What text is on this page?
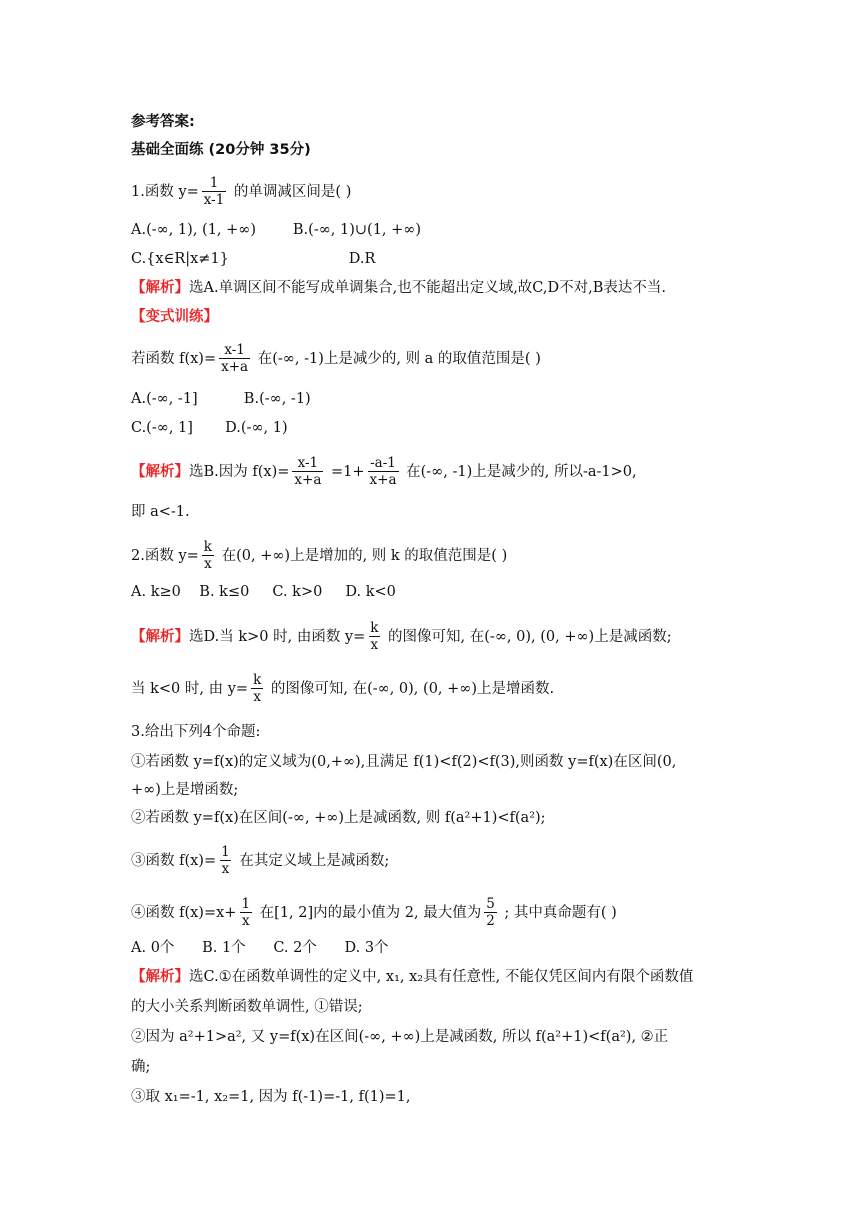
参考答案:
基础全面练 (20分钟 35分)
1.函数 $y= \frac{1}{x-1}$ 的单调减区间是( )
A.(-∞, 1), (1, +∞)        B.(-∞, 1)∪(1, +∞)
C.{x∈R|x≠1}                          D.R
【解析】选A.单调区间不能写成单调集合,也不能超出定义域,故C,D不对,B表达不当.
【变式训练】
若函数 $f(x)= \frac{x-1}{x+a}$ 在(-∞, -1)上是减少的, 则 a 的取值范围是( )
A.(-∞, -1]          B.(-∞, -1)
C.(-∞, 1]       D.(-∞, 1)
【解析】选B.因为 $f(x)= \frac{x-1}{x+a} =1+ \frac{-a-1}{x+a}$ 在(-∞, -1)上是减少的, 所以-a-1>0,
即 a<-1.
2.函数 $y= \frac{k}{x}$ 在(0, +∞)上是增加的, 则 k 的取值范围是( )
A. k≥0    B. k≤0     C. k>0     D. k<0
【解析】选D.当 k>0 时, 由函数 $y= \frac{k}{x}$ 的图像可知, 在(-∞, 0), (0, +∞)上是减函数;
当 k<0 时, 由 $y= \frac{k}{x}$ 的图像可知, 在(-∞, 0), (0, +∞)上是增函数.
3.给出下列4个命题:
①若函数 y=f(x)的定义域为(0,+∞),且满足 f(1)<f(2)<f(3),则函数 y=f(x)在区间(0,
+∞)上是增函数;
②若函数 y=f(x)在区间(-∞, +∞)上是减函数, 则 f(a²+1)<f(a²);
③函数 $f(x)= \frac{1}{x}$ 在其定义域上是减函数;
④函数 $f(x)=x+ \frac{1}{x}$ 在[1, 2]内的最小值为 2, 最大值为 $\frac{5}{2}$ ; 其中真命题有( )
A. 0个      B. 1个      C. 2个      D. 3个
【解析】选C.①在函数单调性的定义中, x₁, x₂具有任意性, 不能仅凭区间内有限个函数值
的大小关系判断函数单调性, ①错误;
②因为 a²+1>a², 又 y=f(x)在区间(-∞, +∞)上是减函数, 所以 f(a²+1)<f(a²), ②正
确;
③取 x₁=-1, x₂=1, 因为 f(-1)=-1, f(1)=1,
